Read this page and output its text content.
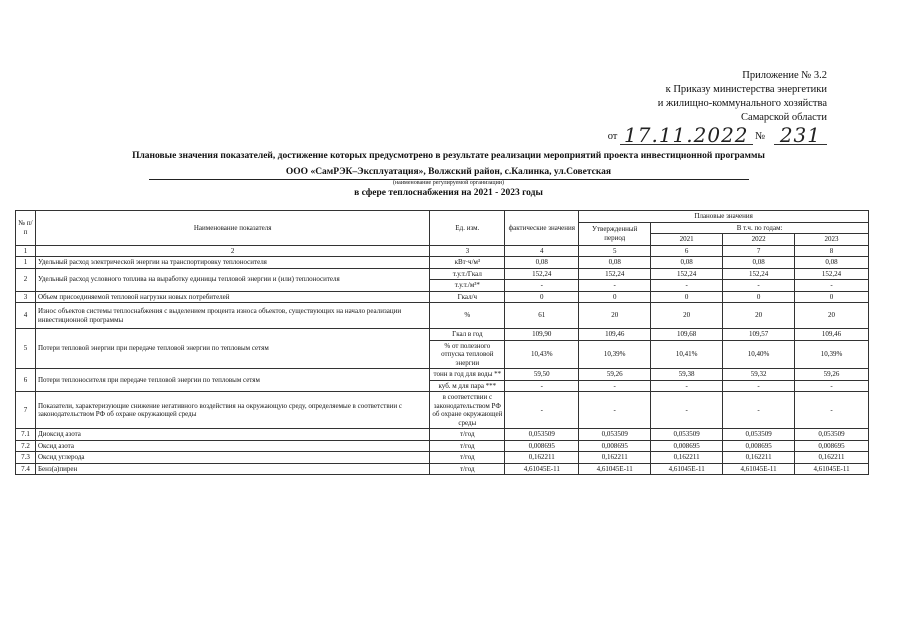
Приложение № 3.2
к Приказу министерства энергетики
и жилищно-коммунального хозяйства
Самарской области
от 17.11.2022 № 231
Плановые значения показателей, достижение которых предусмотрено в результате реализации мероприятий проекта инвестиционной программы
ООО «СамРЭК–Эксплуатация», Волжский район, с.Калинка, ул.Советская
(наименование регулируемой организации)
в сфере теплоснабжения на 2021 - 2023 годы
№ п/п	Наименование показателя	Ед. изм.	фактические значения	Плановые значения			
				Утвержденный период	В т.ч. по годам:		
					2021	2022	2023
1	2	3	4	5	6	7	8
1	Удельный расход электрической энергии на транспортировку теплоносителя	кВт·ч/м³	0,08	0,08	0,08	0,08	0,08
2	Удельный расход условного топлива на выработку единицы тепловой энергии и (или) теплоносителя	т.у.т./Гкал	152,24	152,24	152,24	152,24	152,24
		т.у.т./м³*	-	-	-	-	-
3	Объем присоединяемой тепловой нагрузки новых потребителей	Гкал/ч	0	0	0	0	0
4	Износ объектов системы теплоснабжения с выделением процента износа объектов, существующих на начало реализации инвестиционной программы	%	61	20	20	20	20
5	Потери тепловой энергии при передаче тепловой энергии по тепловым сетям	Гкал в год	109,90	109,46	109,68	109,57	109,46
		% от полезного отпуска тепловой энергии	10,43%	10,39%	10,41%	10,40%	10,39%
6	Потери теплоносителя при передаче тепловой энергии по тепловым сетям	тонн в год для воды **	59,50	59,26	59,38	59,32	59,26
		куб. м для пара ***	-	-	-	-	-
7	Показатели, характеризующие снижение негативного воздействия на окружающую среду, определяемые в соответствии с законодательством РФ об охране окружающей среды	в соответствии с законодательством РФ об охране окружающей среды	-	-	-	-	-
7.1	Диоксид азота	т/год	0,053509	0,053509	0,053509	0,053509	0,053509
7.2	Оксид азота	т/год	0,008695	0,008695	0,008695	0,008695	0,008695
7.3	Оксид углерода	т/год	0,162211	0,162211	0,162211	0,162211	0,162211
7.4	Бенз(а)пирен	т/год	4,61045E-11	4,61045E-11	4,61045E-11	4,61045E-11	4,61045E-11
